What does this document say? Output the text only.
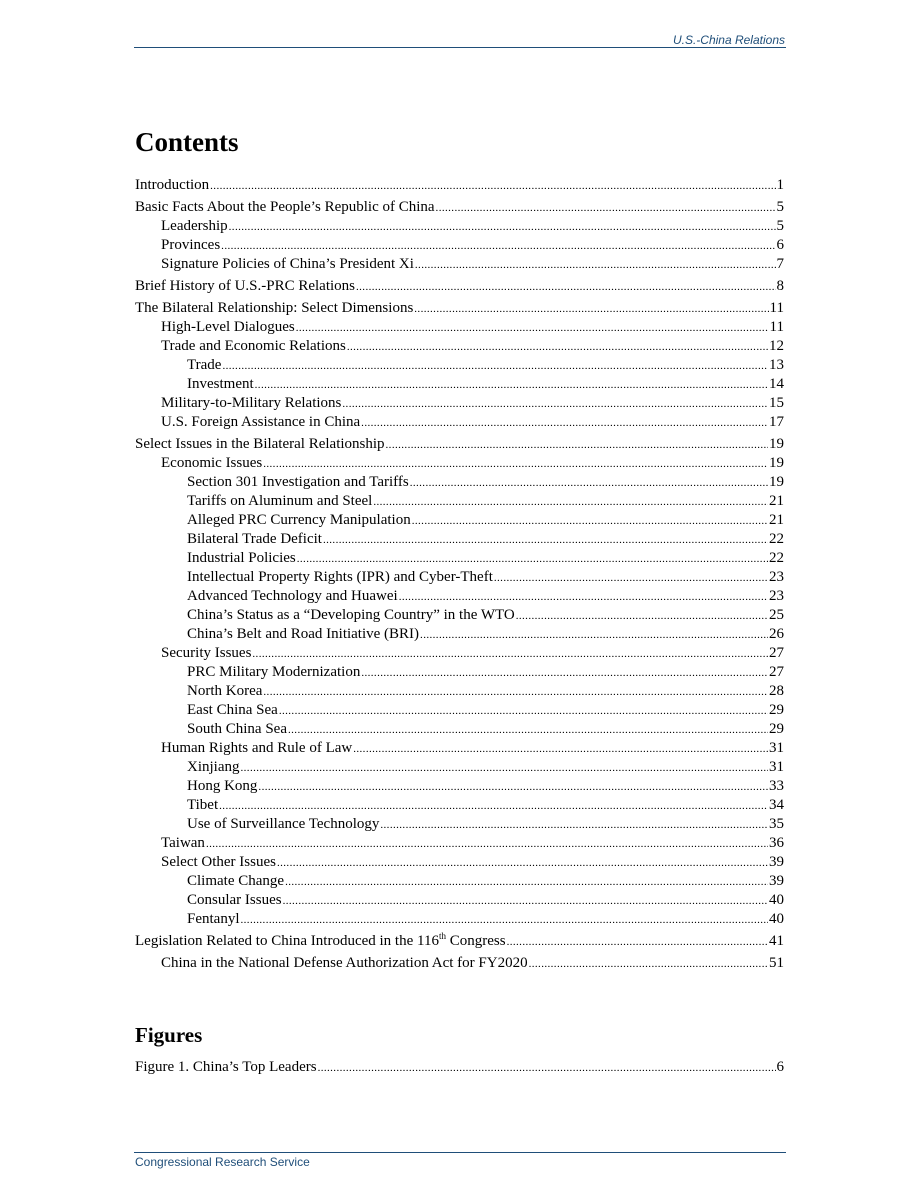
U.S.-China Relations
Contents
Introduction .....	1
Basic Facts About the People’s Republic of China .....	5
Leadership .....	5
Provinces .....	6
Signature Policies of China’s President Xi .....	7
Brief History of U.S.-PRC Relations .....	8
The Bilateral Relationship: Select Dimensions .....	11
High-Level Dialogues .....	11
Trade and Economic Relations .....	12
Trade .....	13
Investment .....	14
Military-to-Military Relations .....	15
U.S. Foreign Assistance in China .....	17
Select Issues in the Bilateral Relationship .....	19
Economic Issues .....	19
Section 301 Investigation and Tariffs .....	19
Tariffs on Aluminum and Steel .....	21
Alleged PRC Currency Manipulation .....	21
Bilateral Trade Deficit .....	22
Industrial Policies .....	22
Intellectual Property Rights (IPR) and Cyber-Theft .....	23
Advanced Technology and Huawei .....	23
China’s Status as a “Developing Country” in the WTO .....	25
China’s Belt and Road Initiative (BRI) .....	26
Security Issues .....	27
PRC Military Modernization .....	27
North Korea .....	28
East China Sea .....	29
South China Sea .....	29
Human Rights and Rule of Law .....	31
Xinjiang .....	31
Hong Kong .....	33
Tibet .....	34
Use of Surveillance Technology .....	35
Taiwan .....	36
Select Other Issues .....	39
Climate Change .....	39
Consular Issues .....	40
Fentanyl .....	40
Legislation Related to China Introduced in the 116th Congress .....	41
China in the National Defense Authorization Act for FY2020 .....	51
Figures
Figure 1. China’s Top Leaders .....	6
Congressional Research Service
